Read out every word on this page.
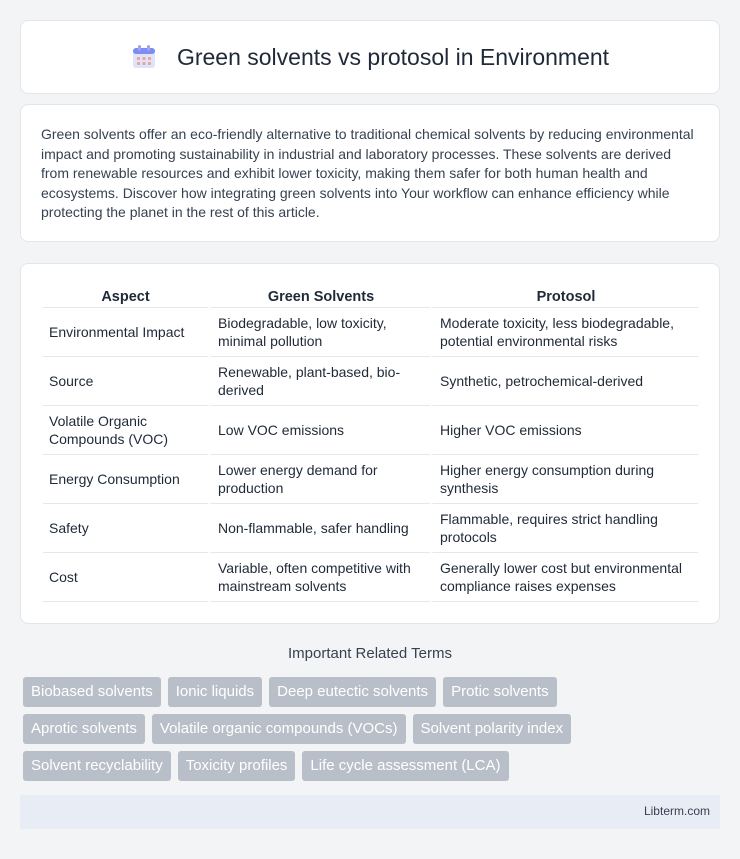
Green solvents vs protosol in Environment

Green solvents offer an eco-friendly alternative to traditional chemical solvents by reducing environmental impact and promoting sustainability in industrial and laboratory processes. These solvents are derived from renewable resources and exhibit lower toxicity, making them safer for both human health and ecosystems. Discover how integrating green solvents into Your workflow can enhance efficiency while protecting the planet in the rest of this article.

Aspect	Green Solvents	Protosol
Environmental Impact	Biodegradable, low toxicity, minimal pollution	Moderate toxicity, less biodegradable, potential environmental risks
Source	Renewable, plant-based, bio-derived	Synthetic, petrochemical-derived
Volatile Organic Compounds (VOC)	Low VOC emissions	Higher VOC emissions
Energy Consumption	Lower energy demand for production	Higher energy consumption during synthesis
Safety	Non-flammable, safer handling	Flammable, requires strict handling protocols
Cost	Variable, often competitive with mainstream solvents	Generally lower cost but environmental compliance raises expenses
Important Related Terms
Biobased solvents	Ionic liquids	Deep eutectic solvents	Protic solvents
Aprotic solvents	Volatile organic compounds (VOCs)	Solvent polarity index
Solvent recyclability	Toxicity profiles	Life cycle assessment (LCA)
Libterm.com
